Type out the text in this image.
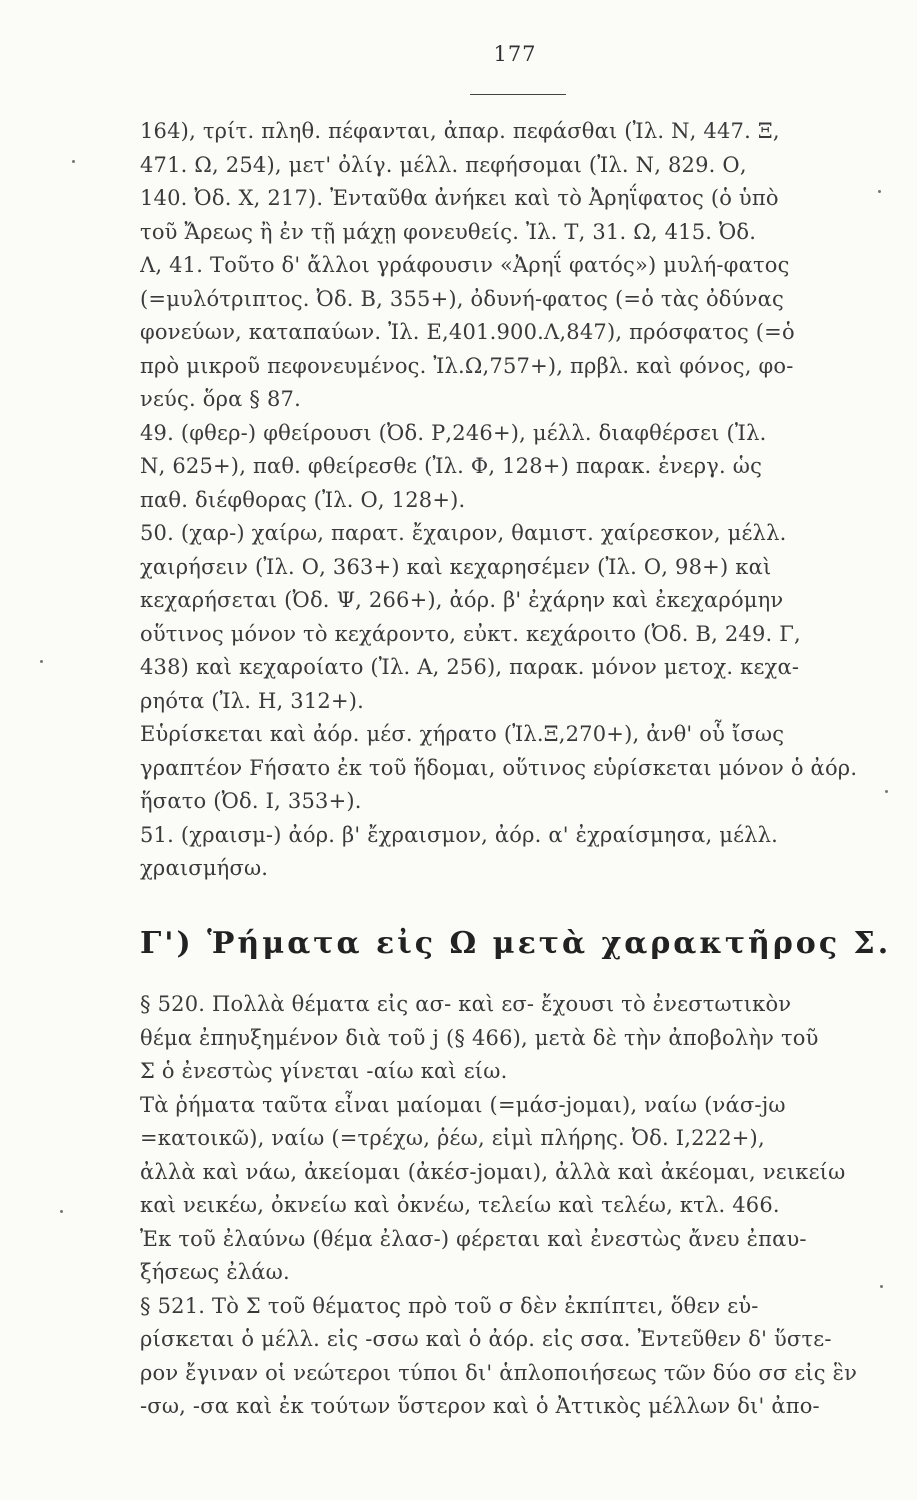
177
164), τρίτ. πληθ. πέφανται, ἀπαρ. πεφάσθαι (Ἰλ. Ν, 447. Ξ,
471. Ω, 254), μετ' ὀλίγ. μέλλ. πεφήσομαι (Ἰλ. Ν, 829. Ο,
140. Ὀδ. Χ, 217). Ἐνταῦθα ἀνήκει καὶ τὸ Ἀρηΐφατος (ὁ ὑπὸ
τοῦ Ἄρεως ἢ ἐν τῇ μάχῃ φονευθείς. Ἰλ. Τ, 31. Ω, 415. Ὀδ.
Λ, 41. Τοῦτο δ' ἄλλοι γράφουσιν «Ἀρηΐ φατός») μυλή-φατος
(=μυλότριπτος. Ὀδ. Β, 355+), ὀδυνή-φατος (=ὁ τὰς ὀδύνας
φονεύων, καταπαύων. Ἰλ. Ε,401.900.Λ,847), πρόσφατος (=ὁ
πρὸ μικροῦ πεφονευμένος. Ἰλ.Ω,757+), πρβλ. καὶ φόνος, φο-
νεύς. ὅρα § 87.
49. (φθερ-) φθείρουσι (Ὀδ. Ρ,246+), μέλλ. διαφθέρσει (Ἰλ.
Ν, 625+), παθ. φθείρεσθε (Ἰλ. Φ, 128+) παρακ. ἐνεργ. ὡς
παθ. διέφθορας (Ἰλ. Ο, 128+).
50. (χαρ-) χαίρω, παρατ. ἔχαιρον, θαμιστ. χαίρεσκον, μέλλ.
χαιρήσειν (Ἰλ. Ο, 363+) καὶ κεχαρησέμεν (Ἰλ. Ο, 98+) καὶ
κεχαρήσεται (Ὀδ. Ψ, 266+), ἀόρ. β' ἐχάρην καὶ ἐκεχαρόμην
οὕτινος μόνον τὸ κεχάροντο, εὐκτ. κεχάροιτο (Ὀδ. Β, 249. Γ,
438) καὶ κεχαροίατο (Ἰλ. Α, 256), παρακ. μόνον μετοχ. κεχα-
ρηότα (Ἰλ. Η, 312+).
Εὑρίσκεται καὶ ἀόρ. μέσ. χήρατο (Ἰλ.Ξ,270+), ἀνθ' οὗ ἴσως
γραπτέον Fήσατο ἐκ τοῦ ἥδομαι, οὕτινος εὑρίσκεται μόνον ὁ ἀόρ.
ἥσατο (Ὀδ. Ι, 353+).
51. (χραισμ-) ἀόρ. β' ἔχραισμον, ἀόρ. α' ἐχραίσμησα, μέλλ.
χραισμήσω.
Γ') Ῥήματα εἰς Ω μετὰ χαρακτῆρος Σ.
§ 520. Πολλὰ θέματα εἰς ασ- καὶ εσ- ἔχουσι τὸ ἐνεστωτικὸν
θέμα ἐπηυξημένον διὰ τοῦ j (§ 466), μετὰ δὲ τὴν ἀποβολὴν τοῦ
Σ ὁ ἐνεστὼς γίνεται -αίω καὶ είω.
Τὰ ῥήματα ταῦτα εἶναι μαίομαι (=μάσ-jομαι), ναίω (νάσ-jω
=κατοικῶ), ναίω (=τρέχω, ῥέω, εἰμὶ πλήρης. Ὀδ. Ι,222+),
ἀλλὰ καὶ νάω, ἀκείομαι (ἀκέσ-jομαι), ἀλλὰ καὶ ἀκέομαι, νεικείω
καὶ νεικέω, ὀκνείω καὶ ὀκνέω, τελείω καὶ τελέω, κτλ. 466.
Ἐκ τοῦ ἐλαύνω (θέμα ἐλασ-) φέρεται καὶ ἐνεστὼς ἄνευ ἐπαυ-
ξήσεως ἐλάω.
§ 521. Τὸ Σ τοῦ θέματος πρὸ τοῦ σ δὲν ἐκπίπτει, ὅθεν εὑ-
ρίσκεται ὁ μέλλ. εἰς -σσω καὶ ὁ ἀόρ. εἰς σσα. Ἐντεῦθεν δ' ὕστε-
ρον ἔγιναν οἱ νεώτεροι τύποι δι' ἁπλοποιήσεως τῶν δύο σσ εἰς ἓν
-σω, -σα καὶ ἐκ τούτων ὕστερον καὶ ὁ Ἀττικὸς μέλλων δι' ἀπο-
